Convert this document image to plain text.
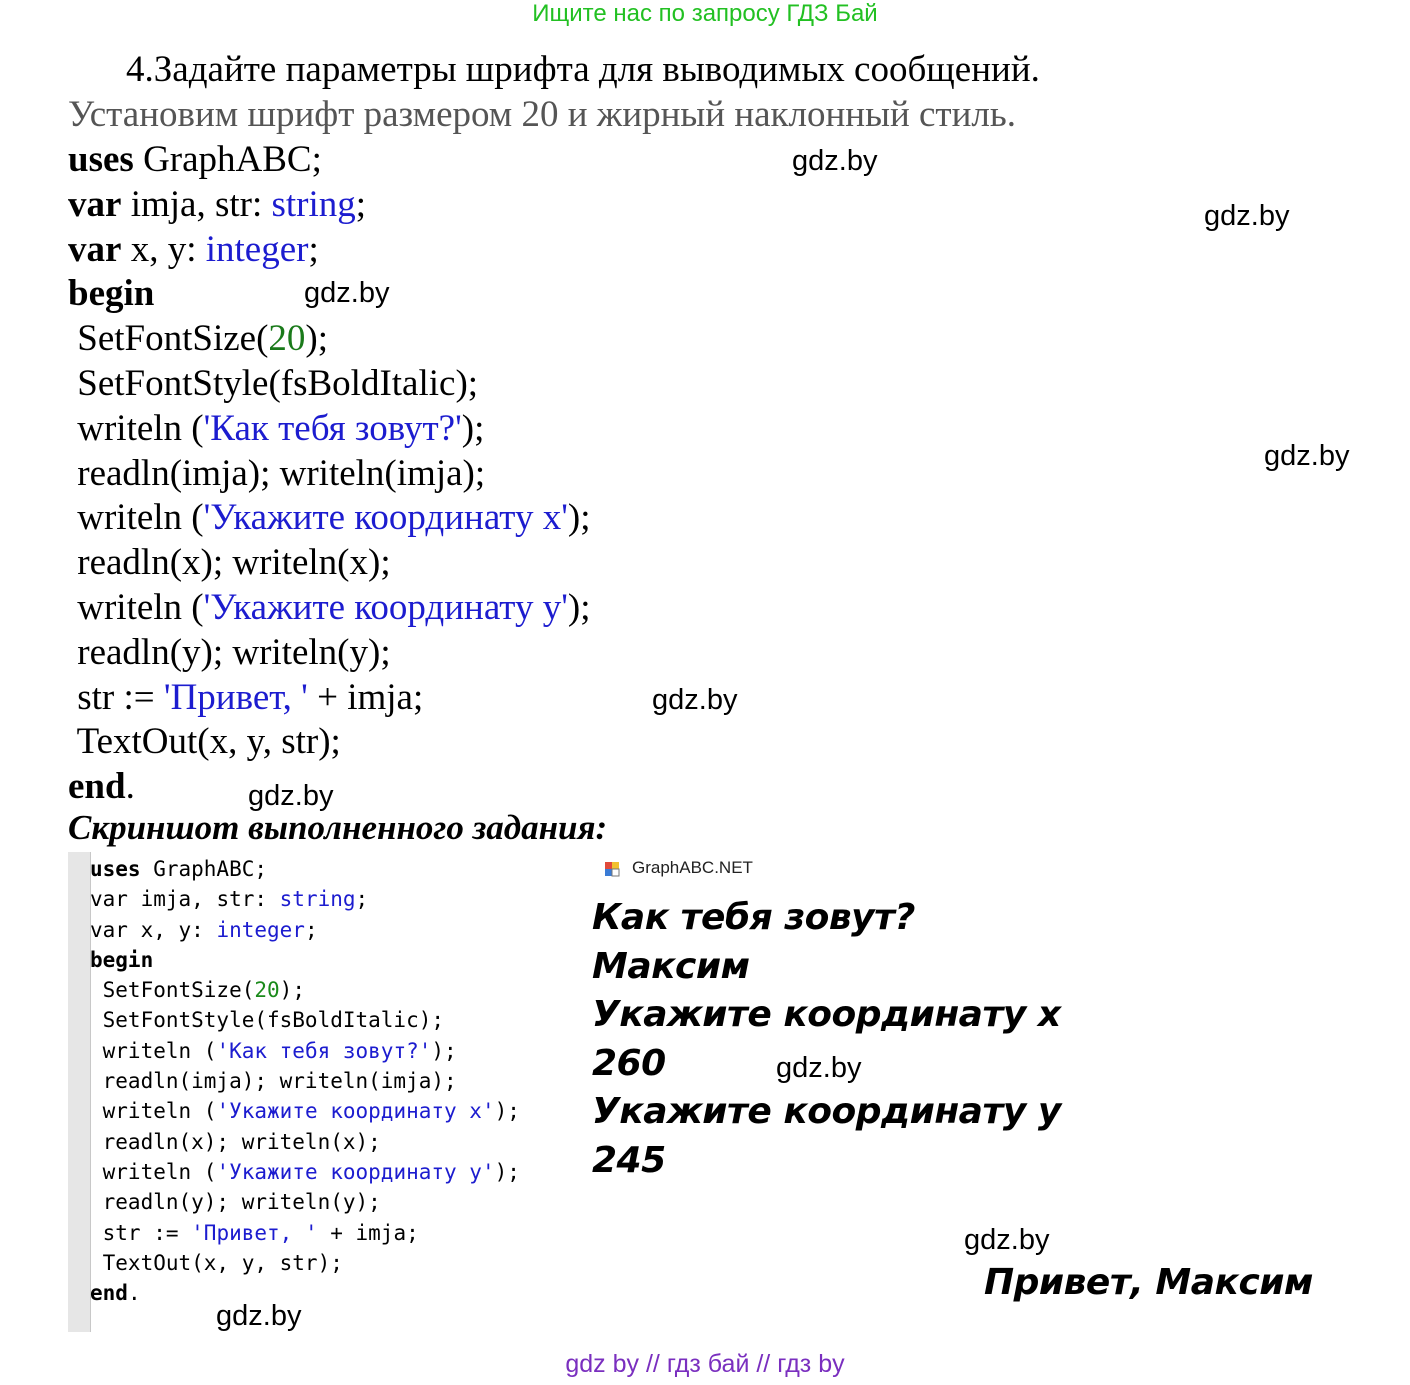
Ищите нас по запросу ГДЗ Бай
4.Задайте параметры шрифта для выводимых сообщений.
Установим шрифт размером 20 и жирный наклонный стиль.
uses GraphABC;
var imja, str: string;
var x, y: integer;
begin
SetFontSize(20);
SetFontStyle(fsBoldItalic);
writeln ('Как тебя зовут?');
readln(imja); writeln(imja);
writeln ('Укажите координату x');
readln(x); writeln(x);
writeln ('Укажите координату y');
readln(y); writeln(y);
str := 'Привет, ' + imja;
TextOut(x, y, str);
end.
Скриншот выполненного задания:
uses GraphABC;
var imja, str: string;
var x, y: integer;
begin
SetFontSize(20);
SetFontStyle(fsBoldItalic);
writeln ('Как тебя зовут?');
readln(imja); writeln(imja);
writeln ('Укажите координату x');
readln(x); writeln(x);
writeln ('Укажите координату y');
readln(y); writeln(y);
str := 'Привет, ' + imja;
TextOut(x, y, str);
end.
GraphABC.NET
Как тебя зовут?
Максим
Укажите координату x
260
Укажите координату y
245
Привет, Максим
gdz.by
gdz.by
gdz.by
gdz.by
gdz.by
gdz.by
gdz.by
gdz.by
gdz.by
gdz by // гдз бай // гдз by
